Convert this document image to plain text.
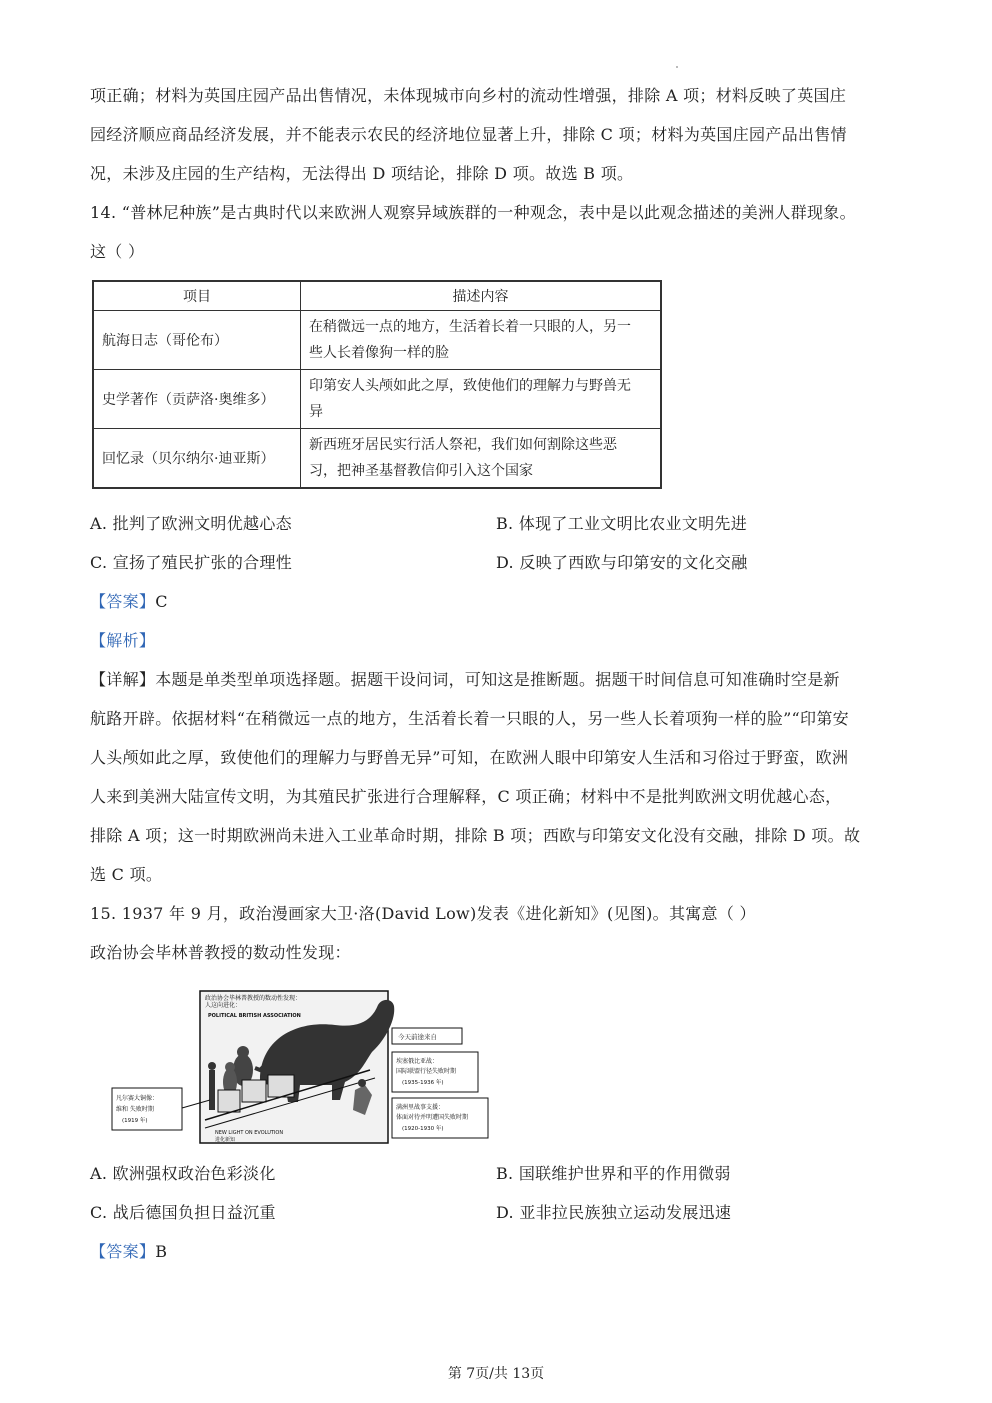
项正确；材料为英国庄园产品出售情况，未体现城市向乡村的流动性增强，排除 A 项；材料反映了英国庄
园经济顺应商品经济发展，并不能表示农民的经济地位显著上升，排除 C 项；材料为英国庄园产品出售情
况，未涉及庄园的生产结构，无法得出 D 项结论，排除 D 项。故选 B 项。
14. “普林尼种族”是古典时代以来欧洲人观察异域族群的一种观念，表中是以此观念描述的美洲人群现象。
这（ ）
项目	描述内容
航海日志（哥伦布）	在稍微远一点的地方，生活着长着一只眼的人，另一
些人长着像狗一样的脸

史学著作（贡萨洛·奥维多）	印第安人头颅如此之厚，致使他们的理解力与野兽无
异

回忆录（贝尔纳尔·迪亚斯）	新西班牙居民实行活人祭祀，我们如何割除这些恶
习，把神圣基督教信仰引入这个国家
A. 批判了欧洲文明优越心态	B. 体现了工业文明比农业文明先进
C. 宣扬了殖民扩张的合理性	D. 反映了西欧与印第安的文化交融
【答案】C
【解析】
【详解】本题是单类型单项选择题。据题干设问词，可知这是推断题。据题干时间信息可知准确时空是新
航路开辟。依据材料“在稍微远一点的地方，生活着长着一只眼的人，另一些人长着项狗一样的脸”“印第安
人头颅如此之厚，致使他们的理解力与野兽无异”可知，在欧洲人眼中印第安人生活和习俗过于野蛮，欧洲
人来到美洲大陆宣传文明，为其殖民扩张进行合理解释，C 项正确；材料中不是批判欧洲文明优越心态，
排除 A 项；这一时期欧洲尚未进入工业革命时期，排除 B 项；西欧与印第安文化没有交融，排除 D 项。故
选 C 项。
15. 1937 年 9 月，政治漫画家大卫·洛(David Low)发表《进化新知》(见图)。其寓意（ ）
政治协会毕林普教授的数动性发现：
政治协会毕林普教授的数动性发现：
人这向进化：
POLITICAL BRITISH ASSOCIATION
NEW LIGHT ON EVOLUTION
进化新知
今天前途来自
埃塞俄比亚战：
国际联盟行径失败时期
(1935-1936 年)
满洲里战事支援：
体面对待并明遭国失败时期
(1920-1930 年)
凡尔赛大铜像：
维和 失败时期
(1919 年)
A. 欧洲强权政治色彩淡化	B. 国联维护世界和平的作用微弱
C. 战后德国负担日益沉重	D. 亚非拉民族独立运动发展迅速
【答案】B
第 7页/共 13页
